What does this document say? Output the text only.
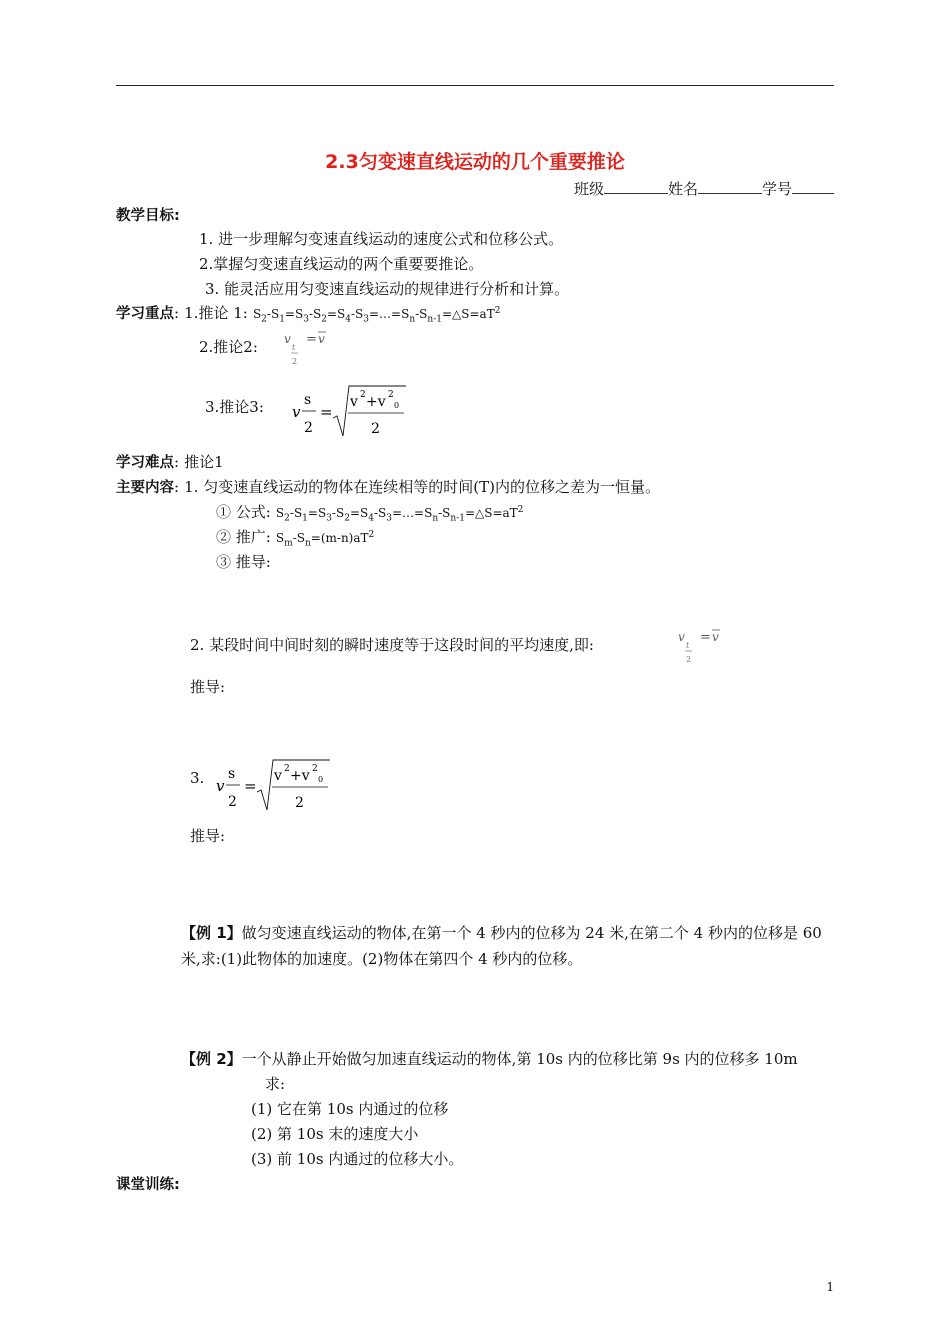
2.3匀变速直线运动的几个重要推论
班级	姓名	学号
教学目标:
1. 进一步理解匀变速直线运动的速度公式和位移公式。
2.掌握匀变速直线运动的两个重要要推论。
3. 能灵活应用匀变速直线运动的规律进行分析和计算。
学习重点: 1.推论 1: $S_2-S_1=S_3-S_2=S_4-S_3=\dots=S_n-S_{n-1}=\triangle S=aT^2$
2.推论2: v
t
2
= v
3.推论3: v
s
2
=
v 2 +v 2
0
2
学习难点: 推论1
主要内容: 1. 匀变速直线运动的物体在连续相等的时间(T)内的位移之差为一恒量。
① 公式: $S_2-S_1=S_3-S_2=S_4-S_3=\dots=S_n-S_{n-1}=\triangle S=aT^2$
② 推广: $S_m-S_n=(m-n)aT^2$
③ 推导:
2. 某段时间中间时刻的瞬时速度等于这段时间的平均速度,即:	v
t
2
= v
推导:
3. v
s
2
=
v 2 +v 2
0
2
推导:
【例 1】做匀变速直线运动的物体,在第一个 4 秒内的位移为 24 米,在第二个 4 秒内的位移是 60 米,求:(1)此物体的加速度。(2)物体在第四个 4 秒内的位移。
【例 2】一个从静止开始做匀加速直线运动的物体,第 10s 内的位移比第 9s 内的位移多 10m
求:
(1) 它在第 10s 内通过的位移
(2) 第 10s 末的速度大小
(3) 前 10s 内通过的位移大小。
课堂训练:
1
